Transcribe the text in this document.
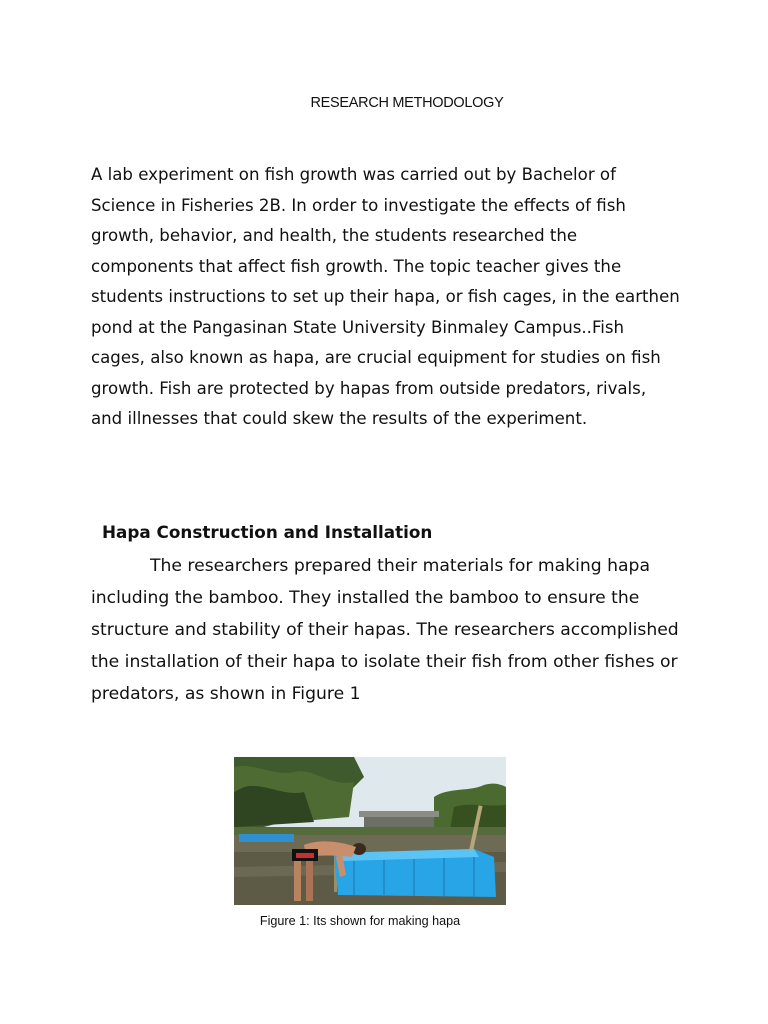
RESEARCH METHODOLOGY

A lab experiment on fish growth was carried out by Bachelor of Science in Fisheries 2B. In order to investigate the effects of fish growth, behavior, and health, the students researched the components that affect fish growth. The topic teacher gives the students instructions to set up their hapa, or fish cages, in the earthen pond at the Pangasinan State University Binmaley Campus..Fish cages, also known as hapa, are crucial equipment for studies on fish growth. Fish are protected by hapas from outside predators, rivals, and illnesses that could skew the results of the experiment.

Hapa Construction and Installation

The researchers prepared their materials for making hapa including the bamboo. They installed the bamboo to ensure the structure and stability of their hapas. The researchers accomplished the installation of their hapa to isolate their fish from other fishes or predators, as shown in Figure 1

Figure 1: Its shown for making hapa
